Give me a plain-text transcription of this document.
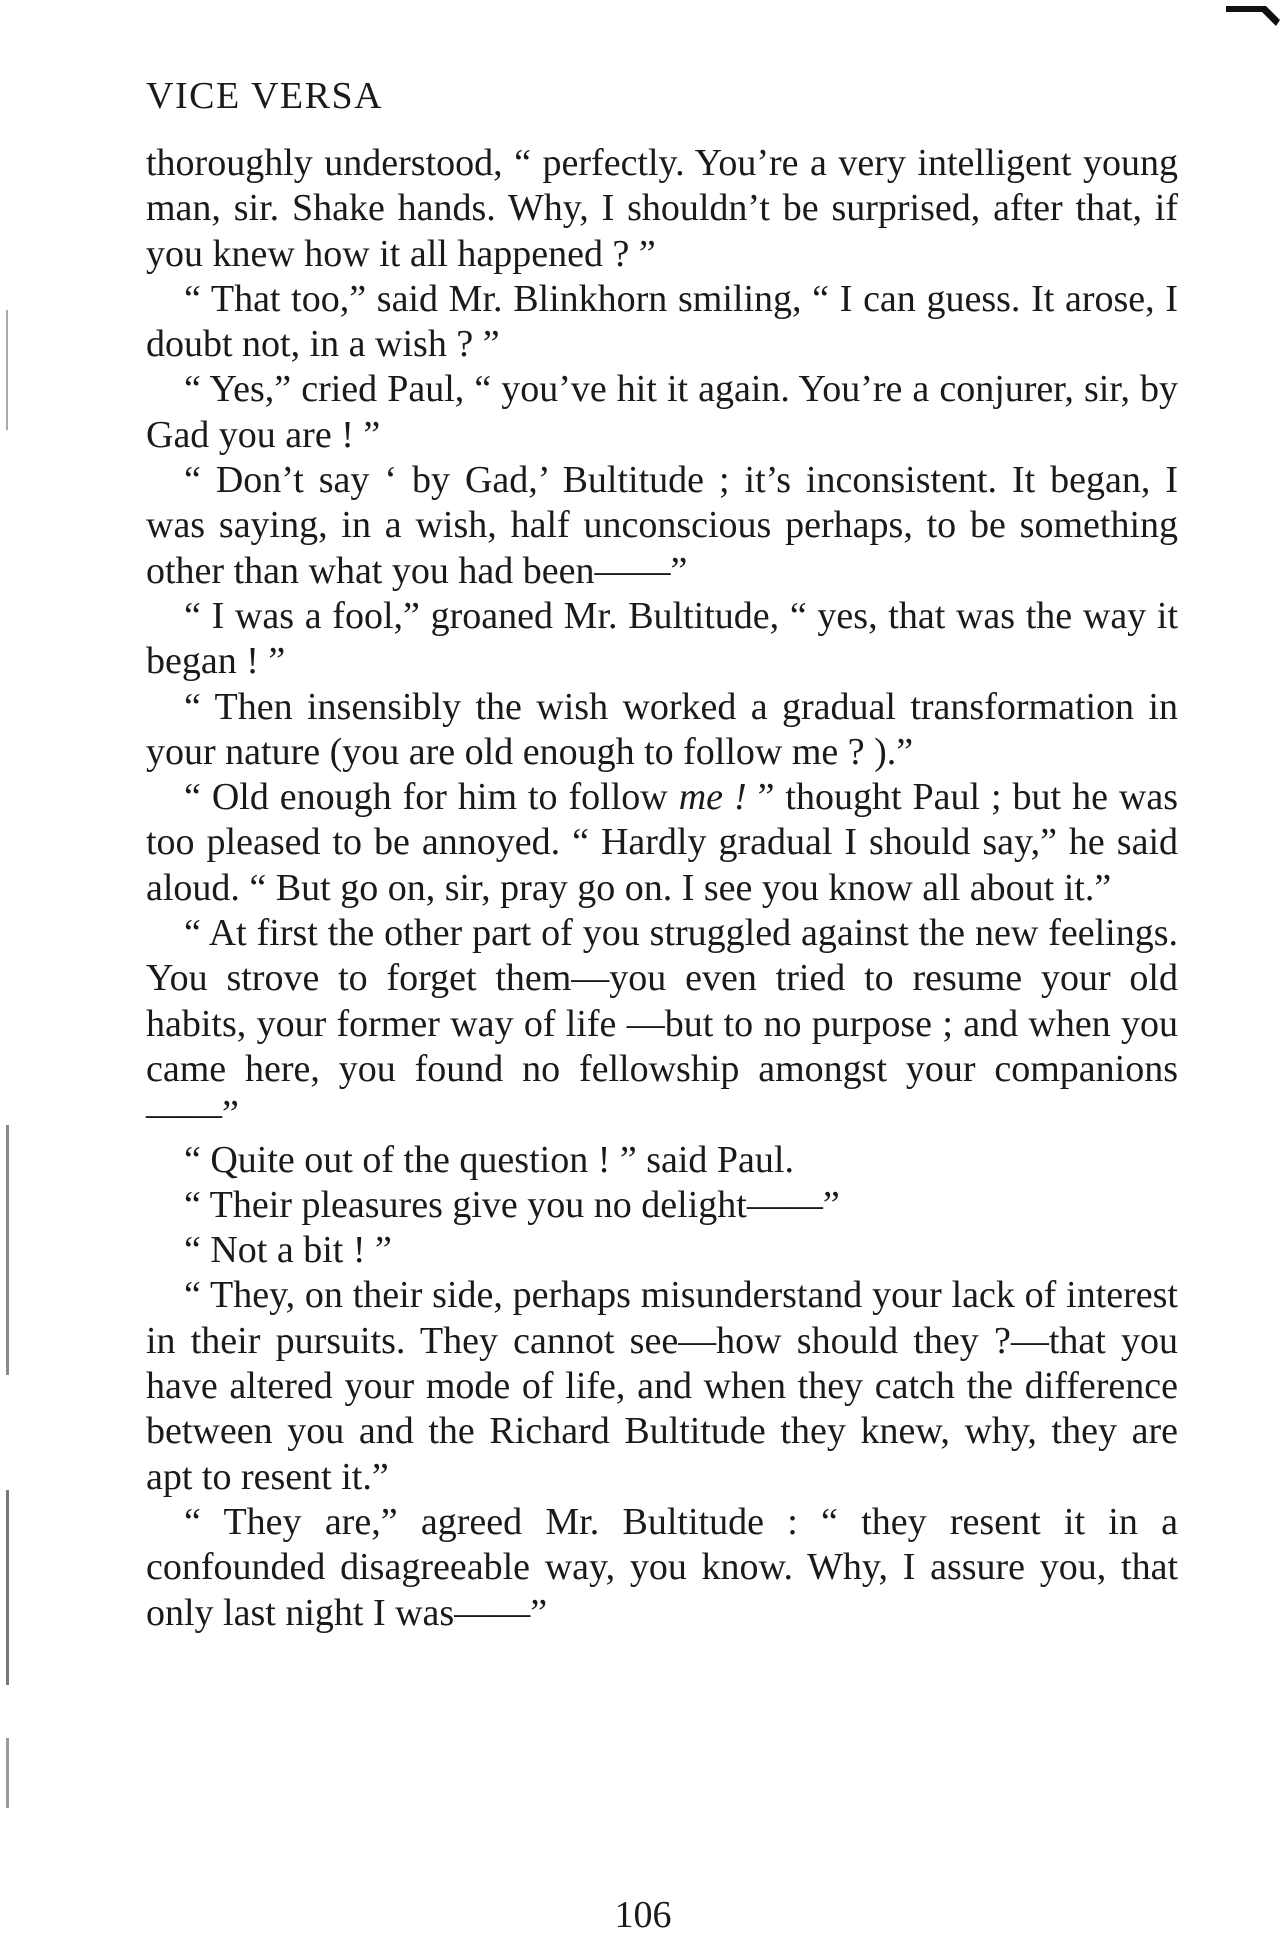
VICE VERSA

thoroughly understood, “ perfectly. You’re a very intelligent young man, sir. Shake hands. Why, I shouldn’t be surprised, after that, if you knew how it all happened ? ”

“ That too,” said Mr. Blinkhorn smiling, “ I can guess. It arose, I doubt not, in a wish ? ”

“ Yes,” cried Paul, “ you’ve hit it again. You’re a conjurer, sir, by Gad you are ! ”

“ Don’t say ‘ by Gad,’ Bultitude ; it’s inconsistent. It began, I was saying, in a wish, half unconscious perhaps, to be something other than what you had been——”

“ I was a fool,” groaned Mr. Bultitude, “ yes, that was the way it began ! ”

“ Then insensibly the wish worked a gradual transformation in your nature (you are old enough to follow me ? ).”

“ Old enough for him to follow me ! ” thought Paul ; but he was too pleased to be annoyed. “ Hardly gradual I should say,” he said aloud. “ But go on, sir, pray go on. I see you know all about it.”

“ At first the other part of you struggled against the new feelings. You strove to forget them—you even tried to resume your old habits, your former way of life —but to no purpose ; and when you came here, you found no fellowship amongst your companions——”

“ Quite out of the question ! ” said Paul.

“ Their pleasures give you no delight——”

“ Not a bit ! ”

“ They, on their side, perhaps misunderstand your lack of interest in their pursuits. They cannot see—how should they ?—that you have altered your mode of life, and when they catch the difference between you and the Richard Bultitude they knew, why, they are apt to resent it.”

“ They are,” agreed Mr. Bultitude : “ they resent it in a confounded disagreeable way, you know. Why, I assure you, that only last night I was——”

106
